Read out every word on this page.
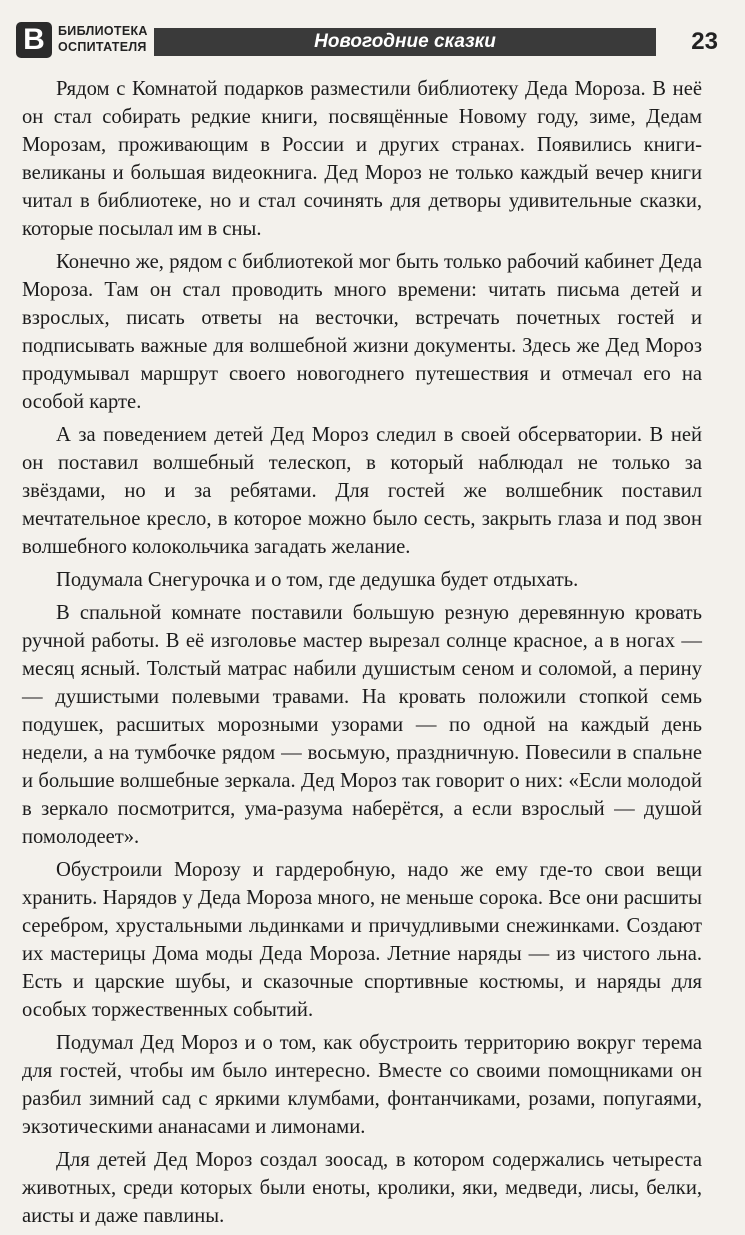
В	БИБЛИОТЕКА
ОСПИТАТЕЛЯ	Новогодние сказки	23

Рядом с Комнатой подарков разместили библиотеку Деда Мороза. В неё он стал собирать редкие книги, посвящённые Новому году, зиме, Дедам Морозам, проживающим в России и других странах. Появились книги-великаны и большая видеокнига. Дед Мороз не только каждый вечер книги читал в библиотеке, но и стал сочинять для детворы удивительные сказки, которые посылал им в сны.

Конечно же, рядом с библиотекой мог быть только рабочий кабинет Деда Мороза. Там он стал проводить много времени: читать письма детей и взрослых, писать ответы на весточки, встречать почетных гостей и подписывать важные для волшебной жизни документы. Здесь же Дед Мороз продумывал маршрут своего новогоднего путешествия и отмечал его на особой карте.

А за поведением детей Дед Мороз следил в своей обсерватории. В ней он поставил волшебный телескоп, в который наблюдал не только за звёздами, но и за ребятами. Для гостей же волшебник поставил мечтательное кресло, в которое можно было сесть, закрыть глаза и под звон волшебного колокольчика загадать желание.

Подумала Снегурочка и о том, где дедушка будет отдыхать.

В спальной комнате поставили большую резную деревянную кровать ручной работы. В её изголовье мастер вырезал солнце красное, а в ногах — месяц ясный. Толстый матрас набили душистым сеном и соломой, а перину — душистыми полевыми травами. На кровать положили стопкой семь подушек, расшитых морозными узорами — по одной на каждый день недели, а на тумбочке рядом — восьмую, праздничную. Повесили в спальне и большие волшебные зеркала. Дед Мороз так говорит о них: «Если молодой в зеркало посмотрится, ума-разума наберётся, а если взрослый — душой помолодеет».

Обустроили Морозу и гардеробную, надо же ему где-то свои вещи хранить. Нарядов у Деда Мороза много, не меньше сорока. Все они расшиты серебром, хрустальными льдинками и причудливыми снежинками. Создают их мастерицы Дома моды Деда Мороза. Летние наряды — из чистого льна. Есть и царские шубы, и сказочные спортивные костюмы, и наряды для особых торжественных событий.

Подумал Дед Мороз и о том, как обустроить территорию вокруг терема для гостей, чтобы им было интересно. Вместе со своими помощниками он разбил зимний сад с яркими клумбами, фонтанчиками, розами, попугаями, экзотическими ананасами и лимонами.

Для детей Дед Мороз создал зоосад, в котором содержались четыреста животных, среди которых были еноты, кролики, яки, медведи, лисы, белки, аисты и даже павлины.
